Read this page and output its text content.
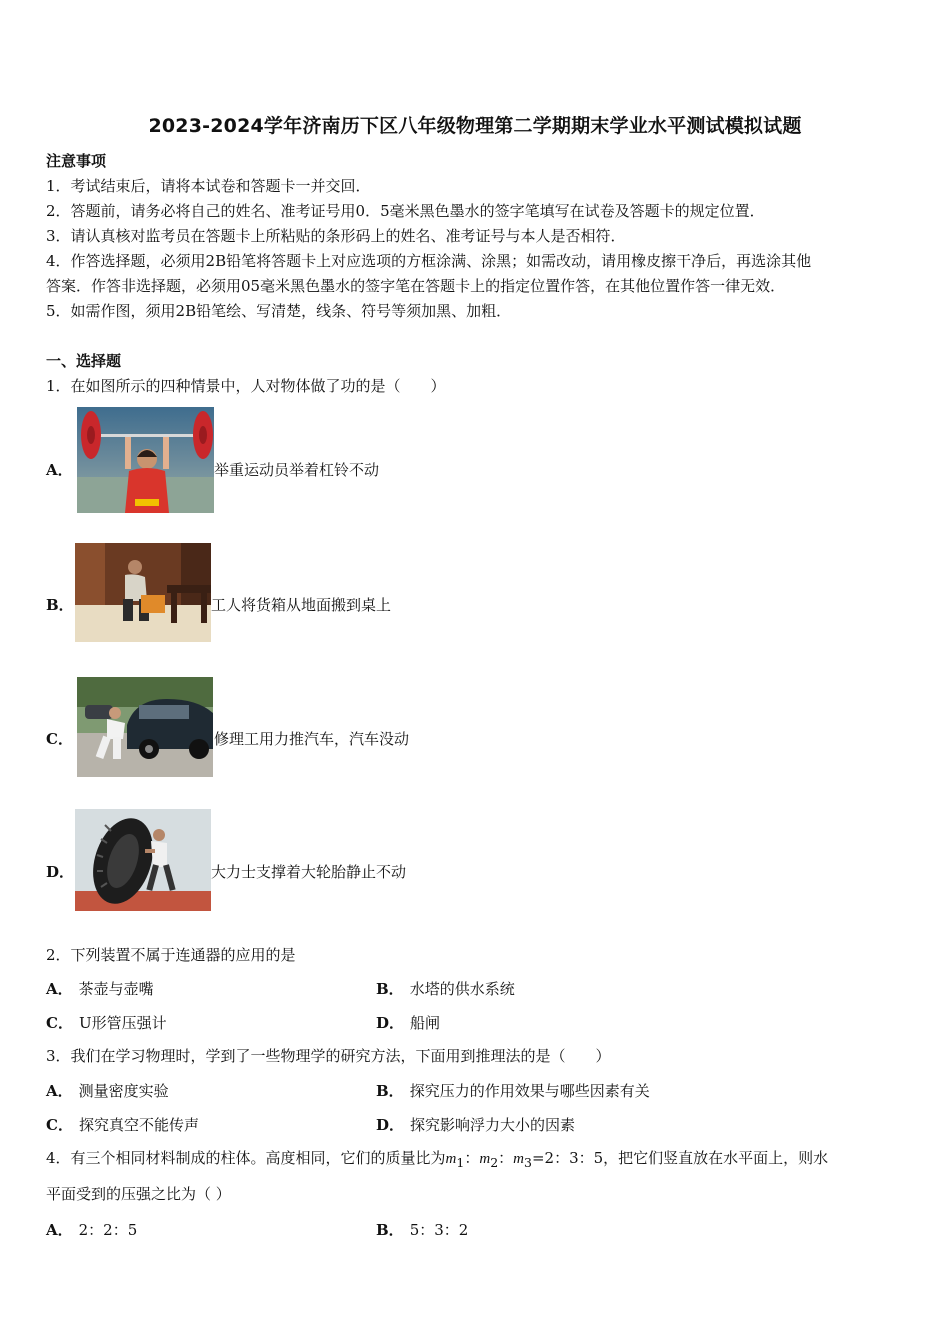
2023-2024学年济南历下区八年级物理第二学期期末学业水平测试模拟试题
注意事项
1．考试结束后，请将本试卷和答题卡一并交回．
2．答题前，请务必将自己的姓名、准考证号用0．5毫米黑色墨水的签字笔填写在试卷及答题卡的规定位置．
3．请认真核对监考员在答题卡上所粘贴的条形码上的姓名、准考证号与本人是否相符．
4．作答选择题，必须用2B铅笔将答题卡上对应选项的方框涂满、涂黑；如需改动，请用橡皮擦干净后，再选涂其他
答案．作答非选择题，必须用05毫米黑色墨水的签字笔在答题卡上的指定位置作答，在其他位置作答一律无效．
5．如需作图，须用2B铅笔绘、写清楚，线条、符号等须加黑、加粗．
一、选择题
1．在如图所示的四种情景中，人对物体做了功的是（　　）
A．	举重运动员举着杠铃不动
B．	工人将货箱从地面搬到桌上
C．	修理工用力推汽车，汽车没动
D．	大力士支撑着大轮胎静止不动
2．下列装置不属于连通器的应用的是
A． 茶壶与壶嘴	B． 水塔的供水系统
C． U形管压强计	D． 船闸
3．我们在学习物理时，学到了一些物理学的研究方法，下面用到推理法的是（　　）
A． 测量密度实验	B． 探究压力的作用效果与哪些因素有关
C． 探究真空不能传声	D． 探究影响浮力大小的因素
4．有三个相同材料制成的柱体。高度相同，它们的质量比为$m_1$：$m_2$：$m_3=2$：3：5，把它们竖直放在水平面上，则水
平面受到的压强之比为（ ）
A． 2：2：5	B． 5：3：2
